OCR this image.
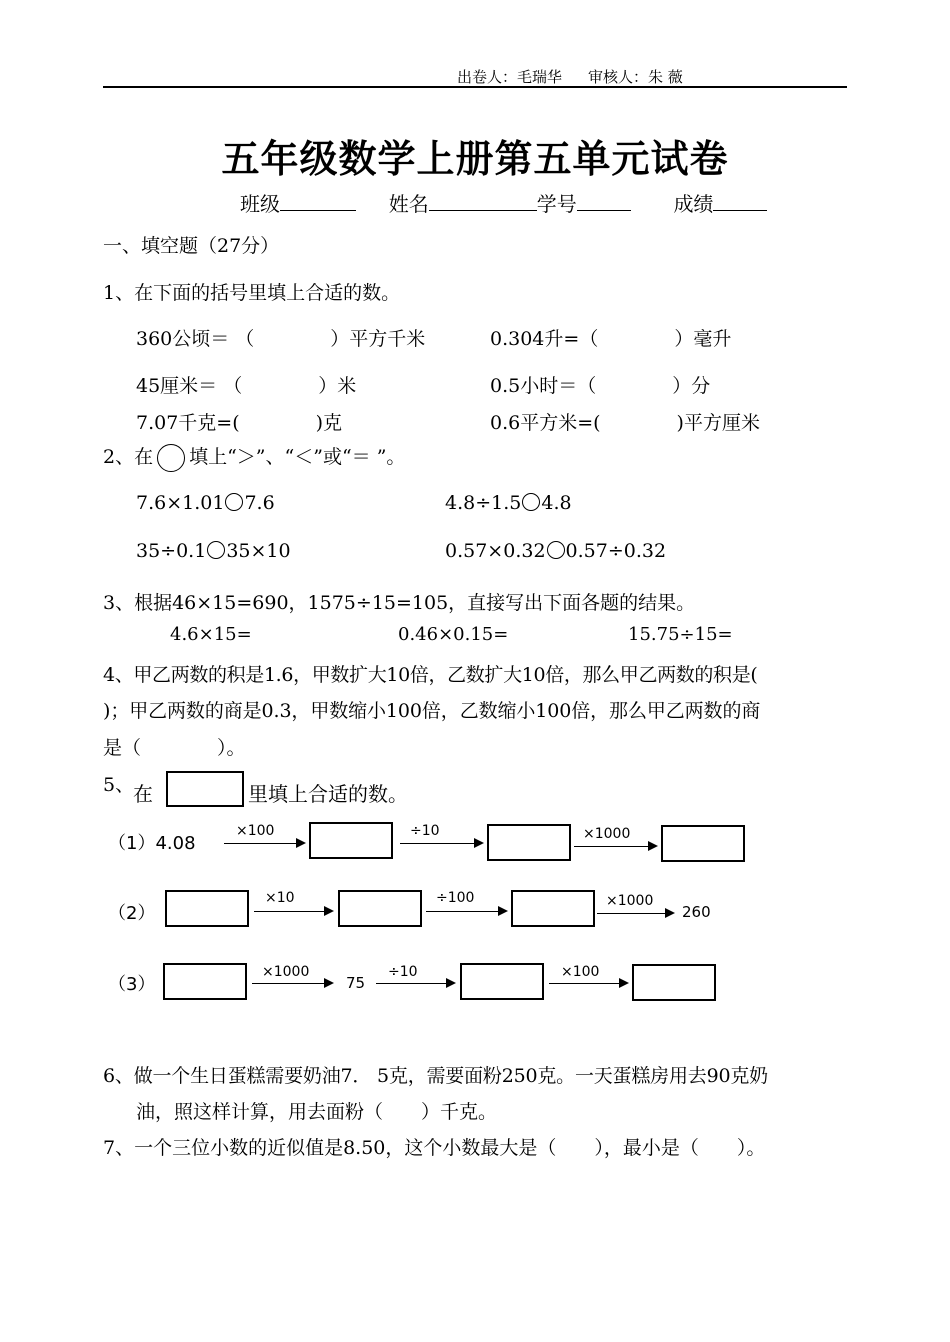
出卷人：毛瑞华 审核人：朱 薇
五年级数学上册第五单元试卷
班级	姓名	学号	成绩
一、填空题（27分）
1、在下面的括号里填上合适的数。
360公顷＝ （　　　　）平方千米	0.304升=（　　　　）毫升
45厘米＝ （　　　　）米	0.5小时＝（　　　　）分
7.07千克=(　　　　)克	0.6平方米=(　　　　)平方厘米
2、在 填上“＞”、“＜”或“＝ ”。
7.6×1.01 7.6	4.8÷1.5 4.8
35÷0.1 35×10	0.57×0.32 0.57÷0.32
3、根据46×15=690，1575÷15=105，直接写出下面各题的结果。
4.6×15=	0.46×0.15=	15.75÷15=
4、甲乙两数的积是1.6，甲数扩大10倍，乙数扩大10倍，那么甲乙两数的积是(
)；甲乙两数的商是0.3，甲数缩小100倍，乙数缩小100倍，那么甲乙两数的商
是（　　　　）。
5、
在	里填上合适的数。
（1）4.08
×100	÷10	×1000
（2）
×10	÷100	×1000
260
（3）
×1000
75
÷10	×100
6、做一个生日蛋糕需要奶油7． 5克，需要面粉250克。一天蛋糕房用去90克奶
油，照这样计算，用去面粉（　　）千克。
7、一个三位小数的近似值是8.50，这个小数最大是（　　），最小是（　　）。
